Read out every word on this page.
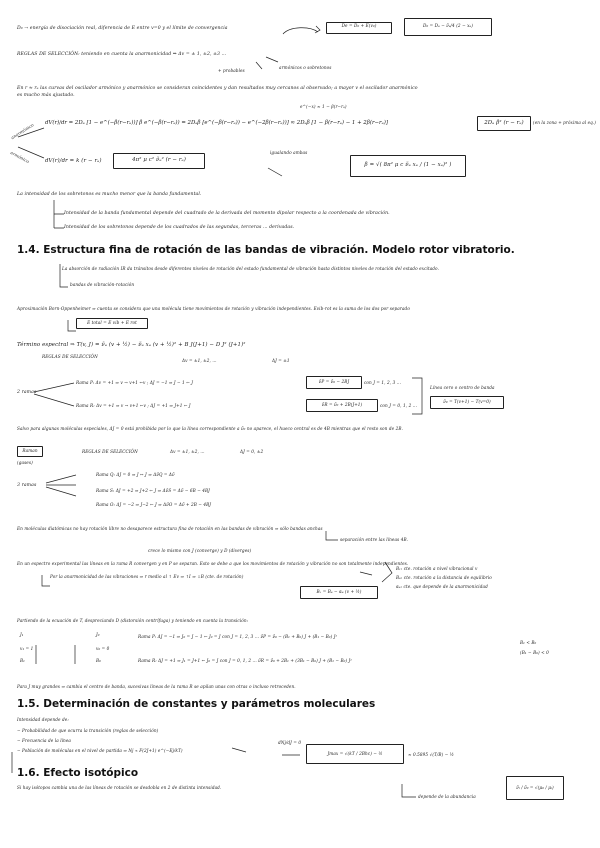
D₀ → energía de disociación real, diferencia de E entre v=0 y el límite de convergencia
De = D₀ + E(v₀)	D₀ = Dₑ − ν̃ₑ/4 (2 − xₑ)
REGLAS DE SELECCIÓN: teniendo en cuenta la anarmonicidad ⇒ Δv = ± 1, ±2, ±3 ...
+ probables
armónicos o sobretonos
En r ≈ rₑ las curvas del oscilador armónico y anarmónico se consideran coincidentes y dan resultados muy cercanos al observado; a mayor v el oscilador anarmónico
es mucho más ajustado.
anarmónico
armónico
e^(−x) ≈ 1 − β(r−rₑ)
dV(r)/dr = 2Dₑ [1 − e^(−β(r−rₑ))] β e^(−β(r−rₑ)) = 2Dₑβ [e^(−β(r−rₑ)) − e^(−2β(r−rₑ))] ≈ 2Dₑβ [1 − β(r−rₑ) − 1 + 2β(r−rₑ)]	2Dₑ β² (r − rₑ)	(en la zona + próxima al eq.)
dV(r)/dr = k (r − rₑ)	4π² μ c² ν̃ₑ² (r − rₑ)
igualando ambas
β = √( 8π² μ c ν̃ₑ xₑ / (1 − xₑ)² )
La intensidad de los sobretonos es mucho menor que la banda fundamental.
Intensidad de la banda fundamental depende del cuadrado de la derivada del momento dipolar respecto a la coordenada de vibración.
Intensidad de los sobretonos depende de los cuadrados de las segundas, terceras ... derivadas.
1.4. Estructura fina de rotación de las bandas de vibración. Modelo rotor vibratorio.
La absorción de radiación IR da tránsitos desde diferentes niveles de rotación del estado fundamental de vibración hasta distintos niveles de rotación del estado excitado.
bandas de vibración-rotación
Aproximación Born-Oppenheimer ⇒ cuenta se considera que una molécula tiene movimientos de rotación y vibración independientes. Evib-rot es la suma de los dos por separado
E total = E vib + E rot
Término espectral ⇒ T(v, J) = ν̃ₑ (v + ½) − ν̃ₑ xₑ (v + ½)² + B J(J+1) − D J² (J+1)²
REGLAS DE SELECCIÓN
Δv = ±1, ±2, ...	ΔJ = ±1
2 ramas
Rama P: Δv = +1 ⇒ v → v+1 ←v ; ΔJ = −1 ⇒ J − 1 ← J	ν̃P = ν̃₀ − 2BJ	con J = 1, 2, 3 ...
Rama R: Δv = +1 ⇒ v → v+1 ←v ; ΔJ = +1 ⇒ J+1 ← J	ν̃R = ν̃₀ + 2B(J+1)	con J = 0, 1, 2 ...
Línea cero o centro de banda
ν̃₀ = T(v+1) − T(v=0)
Salvo para algunas moléculas especiales, ΔJ = 0 está prohibida por lo que la línea correspondiente a ν̃₀ no aparece, el hueco central es de 4B mientras que el resto son de 2B.
Raman
(gases)
REGLAS DE SELECCIÓN	Δv = ±1, ±2, ...	ΔJ = 0, ±2
3 ramas
Rama Q: ΔJ = 0 ⇒ J ↔ J ⇒ Δν̃Q = Δν̃
Rama S: ΔJ = +2 ⇒ J+2 ← J ⇒ Δν̃S = Δν̃ − 6B − 4BJ
Rama O: ΔJ = −2 ⇒ J−2 ← J ⇒ Δν̃O = Δν̃ + 2B − 4BJ
En moléculas diatómicas no hay rotación libre no desaparece estructura fina de rotación en las bandas de vibración ⇒ sólo bandas anchas
separación entre las líneas 4B.
crece lo mismo con J (converge) y D (diverges)
En un espectro experimental las líneas en la rama R convergen y en P se separan. Esto se debe a que los movimientos de rotación y vibración no son totalmente independientes.
Por la anarmonicidad de las vibraciones ⇒ r medio al ↑ Ev ⇒ ↑I ⇒ ↓B (cte. de rotación)
Bᵥ = Bₑ − αₑ (v + ½)
Bᵥ: cte. rotación a nivel vibracional v
Bₑ: cte. rotación a la distancia de equilibrio
αₑ: cte. que depende de la anarmonicidad
Partiendo de la ecuación de T, despreciando D (distorsión centrífuga) y teniendo en cuenta la transición:
J₁
v₁ = 1
B₁
J₀
v₀ = 0
B₀
Rama P: ΔJ = −1 ⇒ J₀ = J − 1 ← J₀ = J con J = 1, 2, 3 ... ν̃P = ν̃₀ − (B₁ + B₀) J + (B₁ − B₀) J²
Rama R: ΔJ = +1 ⇒ J₁ = J+1 ← J₀ = J con J = 0, 1, 2 ... ν̃R = ν̃₀ + 2B₁ + (3B₁ − B₀) J + (B₁ − B₀) J²
B₁ < B₀
(B₁ − B₀) < 0
Para J muy grandes ⇒ cambia el centro de banda, sucesivas líneas de la rama R se apilan unas con otras o incluso retroceden.
1.5. Determinación de constantes y parámetros moleculares
Intensidad depende de:
− Probabilidad de que ocurra la transición (reglas de selección)
− Frecuencia de la línea
− Población de moléculas en el nivel de partida ⇒ Nj ∝ F(2J+1) e^(−Ej/kT)
dNj/dJ = 0
Jmax = √(kT / 2Bhc) − ½	≈ 0.5895 √(T/B) − ½
1.6. Efecto isotópico
Si hay isótopos cambia una de las líneas de rotación se desdobla en 2 de distinta intensidad.
depende de la abundancia
ν̃ᵢ / ν̃₀ = √(μ₀ / μᵢ)
